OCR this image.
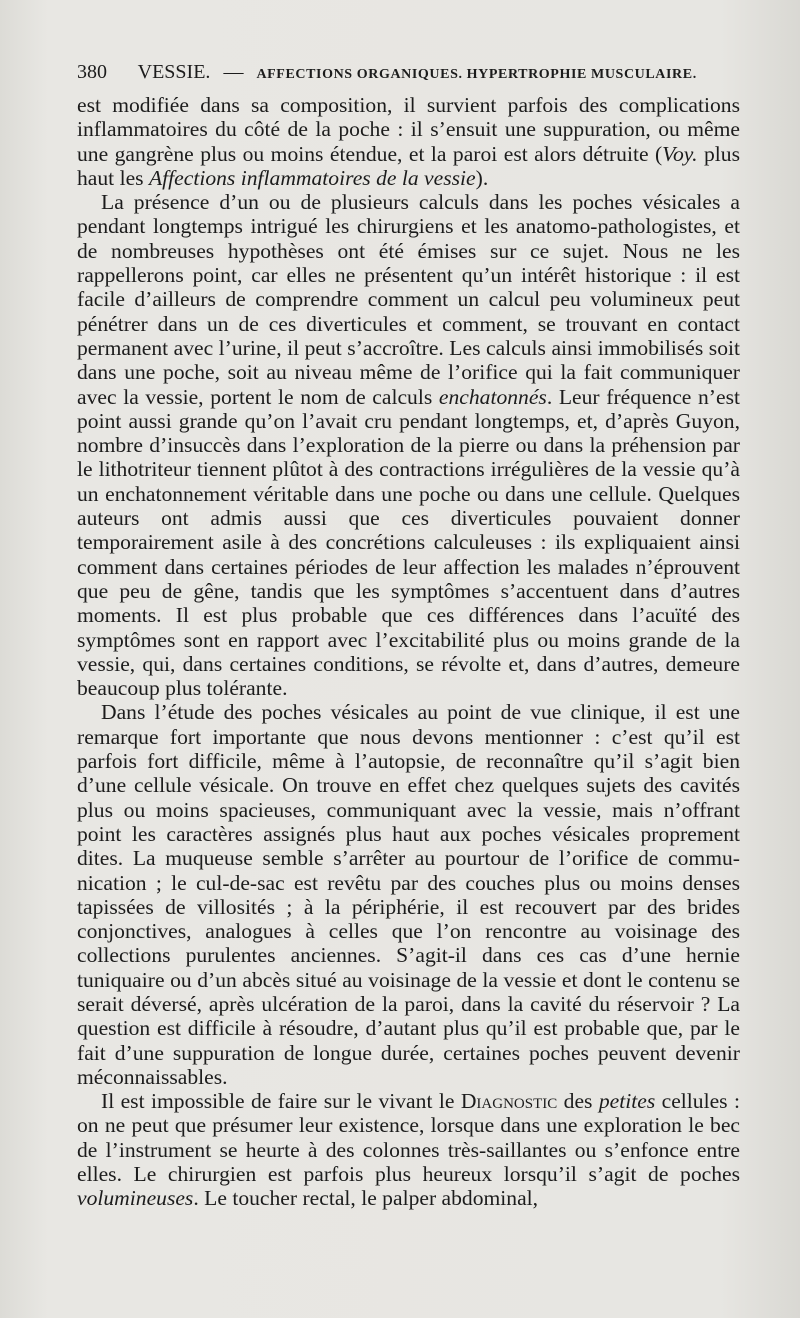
380 VESSIE. — AFFECTIONS ORGANIQUES. HYPERTROPHIE MUSCULAIRE.

est modifiée dans sa composition, il survient parfois des complications inflammatoires du côté de la poche : il s’ensuit une suppuration, ou même une gangrène plus ou moins étendue, et la paroi est alors détruite (Voy. plus haut les Affections inflammatoires de la vessie).

La présence d’un ou de plusieurs calculs dans les poches vésicales a pendant longtemps intrigué les chirurgiens et les anatomo-pathologistes, et de nombreuses hypothèses ont été émises sur ce sujet. Nous ne les rappellerons point, car elles ne présentent qu’un intérêt historique : il est facile d’ailleurs de comprendre comment un calcul peu volumineux peut pénétrer dans un de ces diverticules et comment, se trouvant en contact permanent avec l’urine, il peut s’accroître. Les calculs ainsi immobilisés soit dans une poche, soit au niveau même de l’orifice qui la fait communiquer avec la vessie, portent le nom de calculs enchatonnés. Leur fréquence n’est point aussi grande qu’on l’avait cru pendant longtemps, et, d’après Guyon, nombre d’insuccès dans l’exploration de la pierre ou dans la préhension par le lithotriteur tiennent plûtot à des contractions irrégulières de la vessie qu’à un enchatonnement véritable dans une poche ou dans une cellule. Quelques auteurs ont admis aussi que ces diverticules pouvaient donner temporairement asile à des concrétions calculeuses : ils expliquaient ainsi comment dans certaines périodes de leur affection les malades n’éprouvent que peu de gêne, tandis que les symptômes s’accentuent dans d’autres moments. Il est plus probable que ces différences dans l’acuïté des symptômes sont en rapport avec l’excitabilité plus ou moins grande de la vessie, qui, dans certaines conditions, se révolte et, dans d’autres, demeure beaucoup plus tolérante.

Dans l’étude des poches vésicales au point de vue clinique, il est une remarque fort importante que nous devons mentionner : c’est qu’il est parfois fort difficile, même à l’autopsie, de reconnaître qu’il s’agit bien d’une cellule vésicale. On trouve en effet chez quelques sujets des cavités plus ou moins spacieuses, communiquant avec la vessie, mais n’offrant point les caractères assignés plus haut aux poches vésicales proprement dites. La muqueuse semble s’arrêter au pourtour de l’orifice de communication ; le cul-de-sac est revêtu par des couches plus ou moins denses tapissées de villosités ; à la périphérie, il est recouvert par des brides conjonctives, analogues à celles que l’on rencontre au voisinage des collections purulentes anciennes. S’agit-il dans ces cas d’une hernie tuniquaire ou d’un abcès situé au voisinage de la vessie et dont le contenu se serait déversé, après ulcération de la paroi, dans la cavité du réservoir ? La question est difficile à résoudre, d’autant plus qu’il est probable que, par le fait d’une suppuration de longue durée, certaines poches peuvent devenir méconnaissables.

Il est impossible de faire sur le vivant le Diagnostic des petites cellules : on ne peut que présumer leur existence, lorsque dans une exploration le bec de l’instrument se heurte à des colonnes très-saillantes ou s’enfonce entre elles. Le chirurgien est parfois plus heureux lorsqu’il s’agit de poches volumineuses. Le toucher rectal, le palper abdominal,
